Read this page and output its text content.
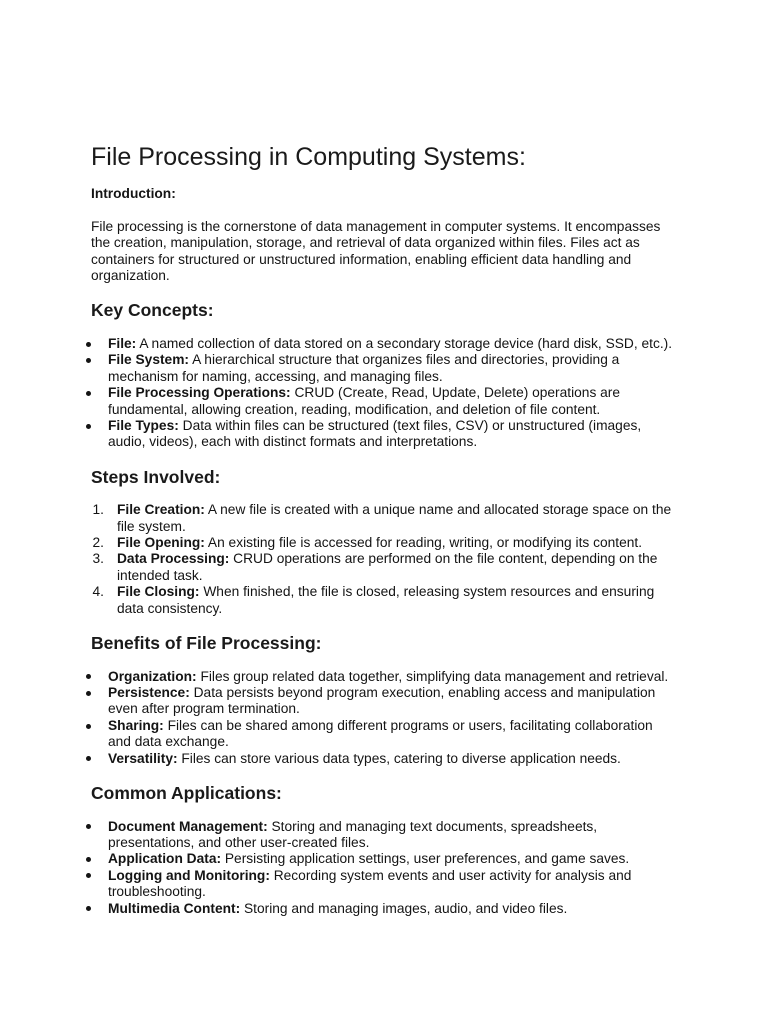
File Processing in Computing Systems:
Introduction:

File processing is the cornerstone of data management in computer systems. It encompasses the creation, manipulation, storage, and retrieval of data organized within files. Files act as containers for structured or unstructured information, enabling efficient data handling and organization.

Key Concepts:
File: A named collection of data stored on a secondary storage device (hard disk, SSD, etc.).
File System: A hierarchical structure that organizes files and directories, providing a mechanism for naming, accessing, and managing files.
File Processing Operations: CRUD (Create, Read, Update, Delete) operations are fundamental, allowing creation, reading, modification, and deletion of file content.
File Types: Data within files can be structured (text files, CSV) or unstructured (images, audio, videos), each with distinct formats and interpretations.
Steps Involved:
1. File Creation: A new file is created with a unique name and allocated storage space on the file system.
2. File Opening: An existing file is accessed for reading, writing, or modifying its content.
3. Data Processing: CRUD operations are performed on the file content, depending on the intended task.
4. File Closing: When finished, the file is closed, releasing system resources and ensuring data consistency.
Benefits of File Processing:
Organization: Files group related data together, simplifying data management and retrieval.
Persistence: Data persists beyond program execution, enabling access and manipulation even after program termination.
Sharing: Files can be shared among different programs or users, facilitating collaboration and data exchange.
Versatility: Files can store various data types, catering to diverse application needs.
Common Applications:
Document Management: Storing and managing text documents, spreadsheets, presentations, and other user-created files.
Application Data: Persisting application settings, user preferences, and game saves.
Logging and Monitoring: Recording system events and user activity for analysis and troubleshooting.
Multimedia Content: Storing and managing images, audio, and video files.
